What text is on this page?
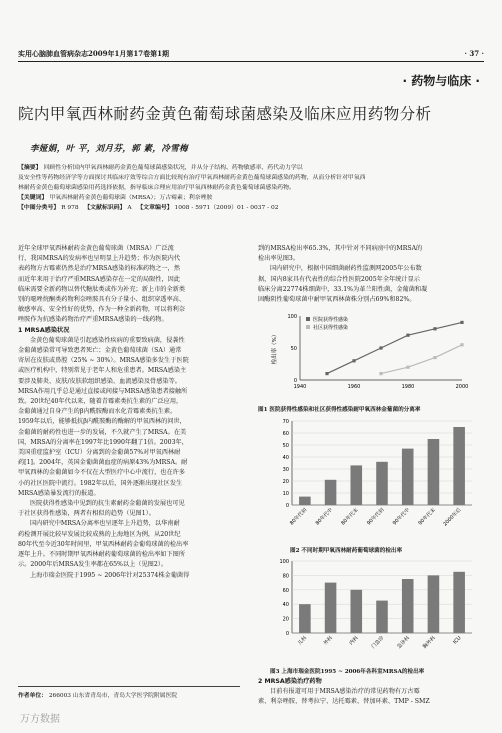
实用心脑肺血管病杂志2009年1月第17卷第1期	· 37 ·
· 药物与临床 ·
院内甲氧西林耐药金黄色葡萄球菌感染及临床应用药物分析
李娅娟，叶 平，刘月芬，郭 素，冷雪梅
【摘要】 回顾性分析国内甲氧西林耐药金黄色葡萄球菌感染状况，并从分子结构、药物敏感率、药代动力学以
及安全性等药物经济学等方面探讨其临床疗效等综合方面比较现有治疗甲氧西林耐药金黄色葡萄球菌感染的药物，从而分析针对甲氧西
林耐药金黄色葡萄球菌感染用药选择依据，指导临床合理应用治疗甲氧西林耐药金黄色葡萄球菌感染药物。
【关键词】 甲氧西林耐药金黄色葡萄球菌（MRSA）；万古霉素；利奈唑胺
【中图分类号】 R 978 【文献标识码】 A 【文章编号】 1008 - 5971（2009）01 - 0037 - 02

近年全球甲氧西林耐药金黄色葡萄球菌（MRSA）广泛流

行，我国MRSA的发病率也呈明显上升趋势；作为医院内代

表药物方古霉素仍然是治疗MRSA感染的标准药物之一，然

而近年来用于治疗严重MRSA感染存在一定的局限性，因此

临床需要全新药物以替代糖肽类或作为补充；新上市的全新类

别的噁唑烷酮类药物利奈唑胺具有分子量小、组织穿透率高、

敏感率高、安全性好的优势，作为一种全新药物，可以将利奈

唑胺作为抗感染药物治疗严重MRSA感染的一线药物。

1 MRSA感染状况

金黄色葡萄球菌是引起感染性疾病的重要致病菌，侵袭性

金葡菌感染常可导致患者死亡；金黄色葡萄球菌（SA）通常

寄居在皮肤或鼻腔（25% ~ 30%）。MRSA感染多发生于医院

或医疗机构中，特别常见于老年人和危重患者。MRSA感染主

要涉及肺炎、皮肤/皮肤软组织感染、血流感染及骨感染等。

MRSA作用几乎总是通过直接或间接与MRSA感染患者接触所

致。20世纪40年代以来，随着青霉素类抗生素的广泛应用，

金葡菌通过自身产生的β内酰胺酶而水化青霉素类抗生素。

1959年以后，能够抵抗β内酰胺酶的酶解的甲氧西林的问世，

金葡菌的耐药性也进一步的发展，不久就产生了MRSA。在美

国，MRSA的分离率在1997年比1990年翻了1倍。2003年，

美国重症监护室（ICU）分离到的金葡菌57%对甲氧西林耐

药[1]。2004年，英国金葡菌菌血症的病原43%为MRSA。耐

甲氧西林的金葡菌如今不仅在大型医疗中心中流行，也在许多

小的社区医院中流行。1982年以后，国外逐渐出现社区发生

MRSA感染暴发流行的报道。

医院获得性感染中见到的抗生素耐药金葡菌的发展也可见

于社区获得性感染，两者有相似的趋势（见图1）。

国内研究中MRSA分离率也呈逐年上升趋势，以华南耐

药检测开展比较早发展比较成熟的上海地区为例，从20世纪

80年代至今近30年时间里，甲氧西林耐药金葡萄球菌的检出率

逐年上升。不同时期甲氧西林耐药葡萄球菌的检出率如下图所

示。2000年后MRSA发生率都在65%以上（见图2）。

上海市瑞金医院于1995 ~ 2006年针对25374株金葡菌得

到的MRSA检出率65.3%，其中针对不同病房中的MRSA的

检出率见图3。

国内研究中，根据中国细菌耐药性监测网2005年公布数

据，国内8家具有代表性的综合性医院2005年全年统计显示

临床分离22774株细菌中，33.1%为革兰阳性菌，金葡菌和凝

固酶阴性葡萄球菌中耐甲氧西林菌株分别占69%和82%。

0
50
100
1940	1960	1980	2000
检出率（%）
医院获得性感染
社区获得性感染
图1 医院获得性感染和社区获得性感染耐甲氧西林金葡菌的分离率
0
10
20
30
40
50
60
70
80年代初 80年代中 80年代末 90年代初 90年代中 90年代末 2000年后
图2 不同时期甲氧西林耐药葡萄球菌的检出率
0
20
40
60
80
100
儿科	外科	内科 门急诊 急诊科 胸外科	ICU
图3 上海市瑞金医院1995 ~ 2006年各科室MRSA的检出率

2 MRSA感染治疗药物

目前有报道可用于MRSA感染治疗的常见药物有万古霉

素、利奈唑胺、替考拉宁、达托霉素、替加环素、TMP - SMZ

作者单位： 266003 山东省青岛市，青岛大学医学院附属医院
万方数据
